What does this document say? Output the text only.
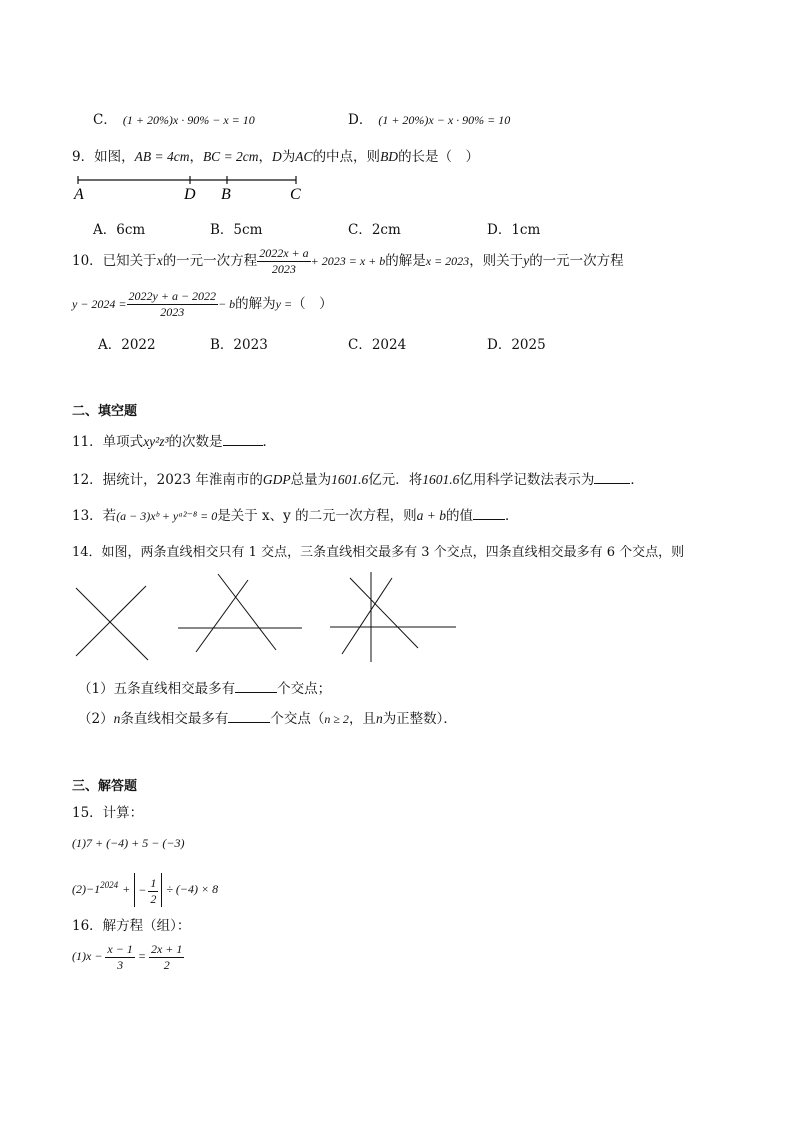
C． (1 + 20%)x · 90% − x = 10	D． (1 + 20%)x − x · 90% = 10
9．如图，AB = 4cm，BC = 2cm，D为AC的中点，则BD的长是（　）
A	D B	C
A．6cm	B．5cm	C．2cm	D．1cm
10．已知关于x的一元一次方程 $\frac{2022x + a}{2023} + 2023 = x + b$的解是x = 2023，则关于y的一元一次方程
$y - 2024 = \frac{2022y + a - 2022}{2023} - b$的解为y =（　）
A．2022	B．2023	C．2024	D．2025
二、填空题
11．单项式xy²z³的次数是	．
12．据统计，2023 年淮南市的GDP总量为1601.6亿元．将1601.6亿用科学记数法表示为	．
13．若(a − 3)xᵇ + yᵃ²⁻⁸ = 0是关于 x、y 的二元一次方程，则a + b的值 ．
14．如图，两条直线相交只有 1 交点，三条直线相交最多有 3 个交点，四条直线相交最多有 6 个交点，则
（1）五条直线相交最多有	个交点；
（2）n条直线相交最多有	个交点（n ≥ 2，且n为正整数）．
三、解答题
15．计算：
(1)7 + (−4) + 5 − (−3)
$(2)-1^{2024}$ + − $\frac{1}{2} \div (-4) \times 8$
16．解方程（组）：
$(1)x - \frac{x - 1}{3} = \frac{2x + 1}{2}$
